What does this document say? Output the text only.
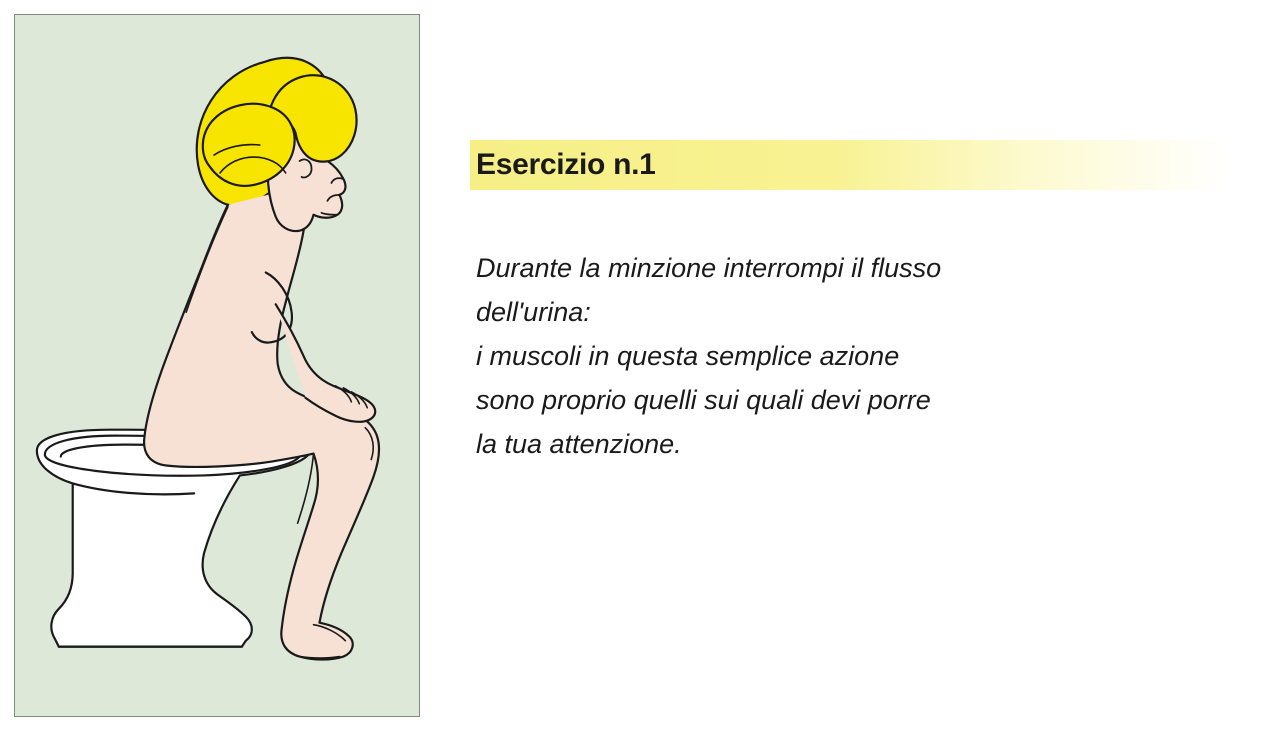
Esercizio n.1
Durante la minzione interrompi il flusso
dell'urina:
i muscoli in questa semplice azione
sono proprio quelli sui quali devi porre
la tua attenzione.
